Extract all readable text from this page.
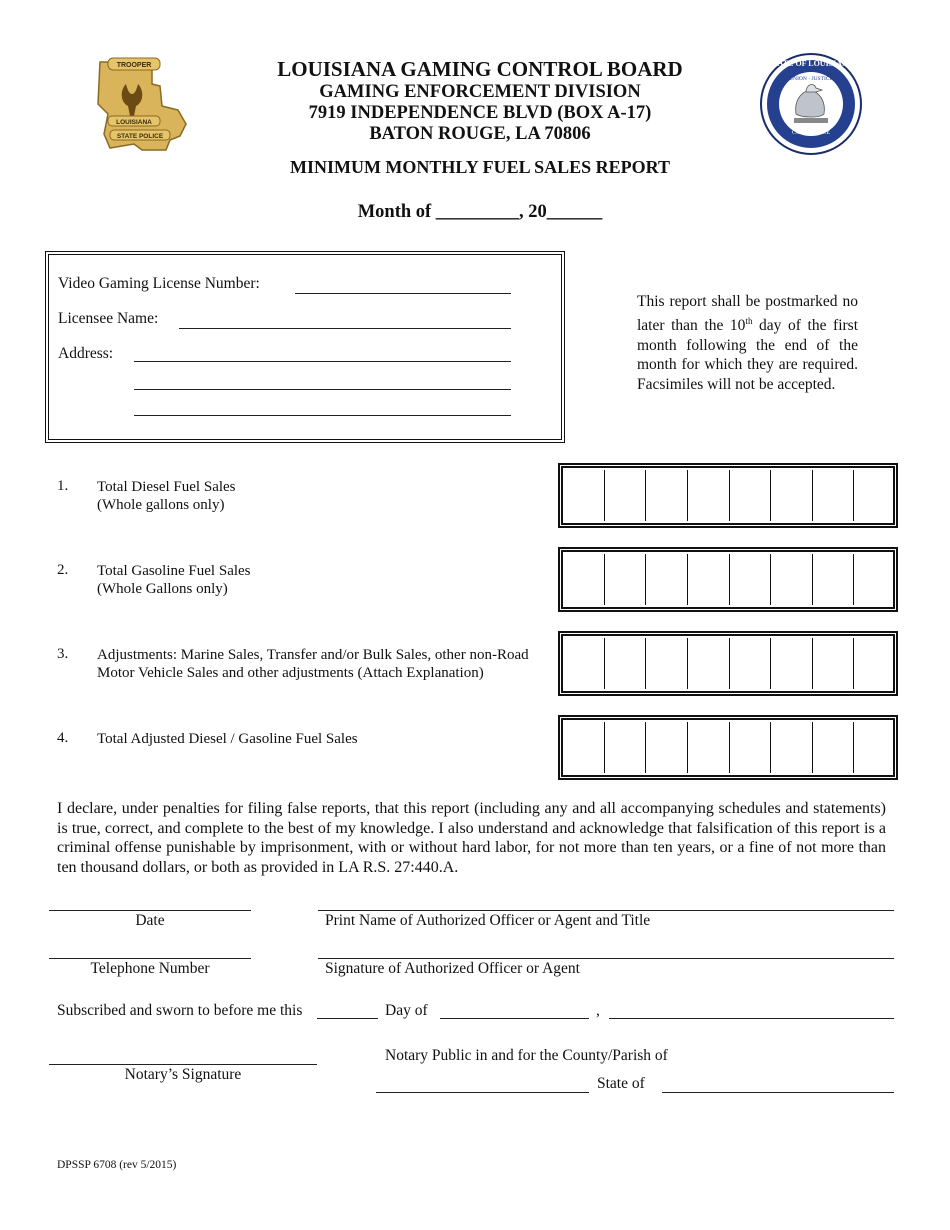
TROOPER
LOUISIANA
STATE POLICE
STATE OF LOUISIANA
UNION · JUSTICE
CONFIDENCE
LOUISIANA GAMING CONTROL BOARD
GAMING ENFORCEMENT DIVISION
7919 INDEPENDENCE BLVD (BOX A-17)
BATON ROUGE, LA 70806
MINIMUM MONTHLY FUEL SALES REPORT
Month of _________, 20______
Video Gaming License Number:
Licensee Name:
Address:
This report shall be postmarked no later than the 10th day of the first month following the end of the month for which they are required. Facsimiles will not be accepted.
1. Total Diesel Fuel Sales
(Whole gallons only)
2. Total Gasoline Fuel Sales
(Whole Gallons only)
3. Adjustments: Marine Sales, Transfer and/or Bulk Sales, other non-Road
Motor Vehicle Sales and other adjustments (Attach Explanation)
4. Total Adjusted Diesel / Gasoline Fuel Sales
I declare, under penalties for filing false reports, that this report (including any and all accompanying schedules and statements) is true, correct, and complete to the best of my knowledge. I also understand and acknowledge that falsification of this report is a criminal offense punishable by imprisonment, with or without hard labor, for not more than ten years, or a fine of not more than ten thousand dollars, or both as provided in LA R.S. 27:440.A.
Date	Print Name of Authorized Officer or Agent and Title
Telephone Number	Signature of Authorized Officer or Agent
Subscribed and sworn to before me this	Day of	,
Notary’s Signature
Notary Public in and for the County/Parish of
State of
DPSSP 6708 (rev 5/2015)
